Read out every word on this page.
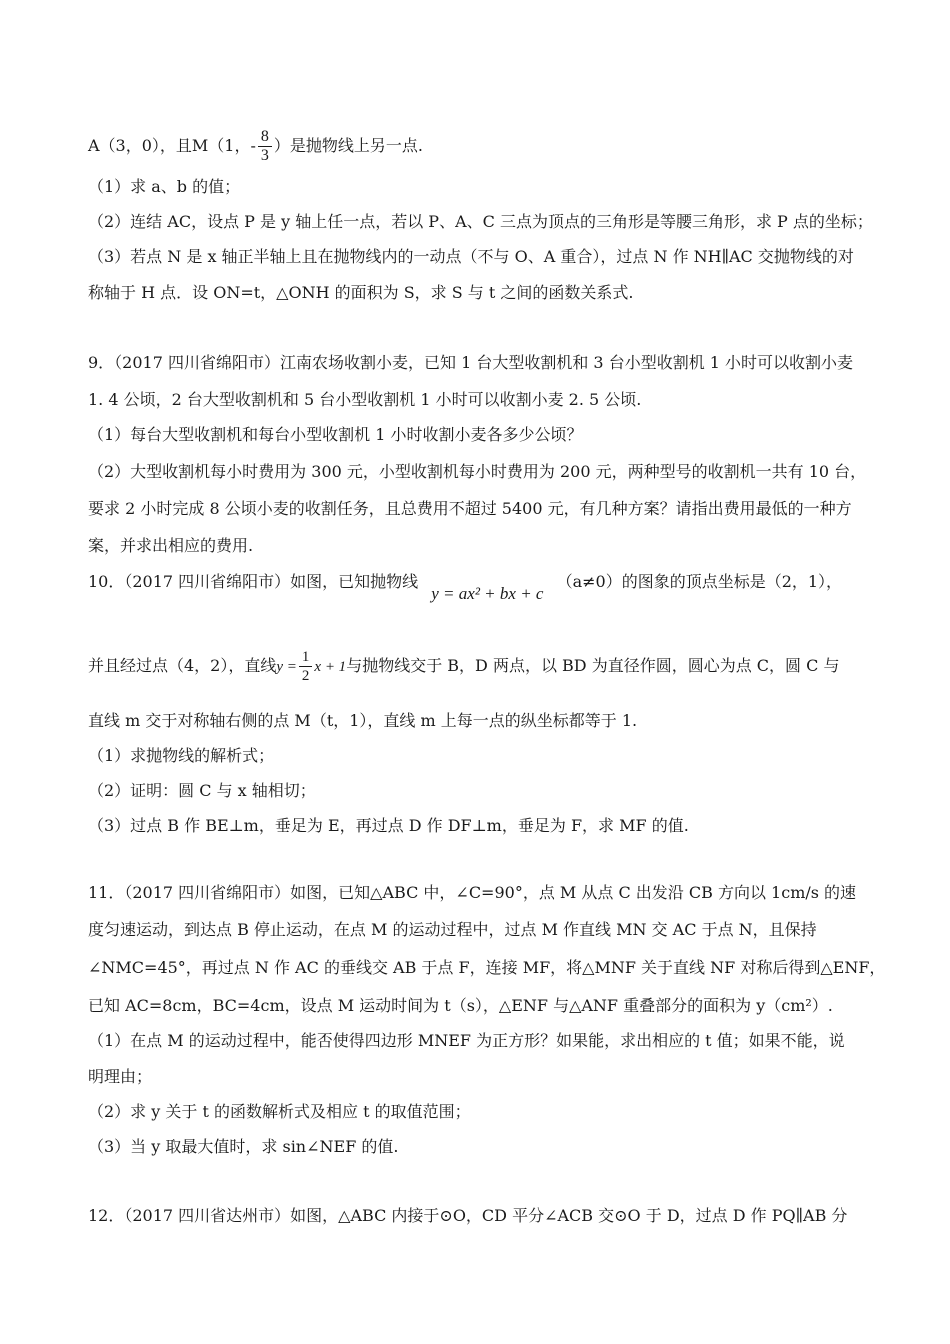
A（3，0），且M（1，- $\frac{8}{3}$ ）是抛物线上另一点.
（1）求 a、b 的值；
（2）连结 AC，设点 P 是 y 轴上任一点，若以 P、A、C 三点为顶点的三角形是等腰三角形，求 P 点的坐标；
（3）若点 N 是 x 轴正半轴上且在抛物线内的一动点（不与 O、A 重合），过点 N 作 NH∥AC 交抛物线的对
称轴于 H 点．设 ON=t，△ONH 的面积为 S，求 S 与 t 之间的函数关系式.
9．（2017 四川省绵阳市）江南农场收割小麦，已知 1 台大型收割机和 3 台小型收割机 1 小时可以收割小麦
1. 4 公顷，2 台大型收割机和 5 台小型收割机 1 小时可以收割小麦 2. 5 公顷.
（1）每台大型收割机和每台小型收割机 1 小时收割小麦各多少公顷？
（2）大型收割机每小时费用为 300 元，小型收割机每小时费用为 200 元，两种型号的收割机一共有 10 台，
要求 2 小时完成 8 公顷小麦的收割任务，且总费用不超过 5400 元，有几种方案？请指出费用最低的一种方
案，并求出相应的费用.
10．（2017 四川省绵阳市）如图，已知抛物线 y = ax² + bx + c （a≠0）的图象的顶点坐标是（2，1），
并且经过点（4，2），直线$y = \frac{1}{2}$ x + 1与抛物线交于 B，D 两点，以 BD 为直径作圆，圆心为点 C，圆 C 与
直线 m 交于对称轴右侧的点 M（t，1），直线 m 上每一点的纵坐标都等于 1.
（1）求抛物线的解析式；
（2）证明：圆 C 与 x 轴相切；
（3）过点 B 作 BE⊥m，垂足为 E，再过点 D 作 DF⊥m，垂足为 F，求 MF 的值.
11．（2017 四川省绵阳市）如图，已知△ABC 中，∠C=90°，点 M 从点 C 出发沿 CB 方向以 1cm/s 的速
度匀速运动，到达点 B 停止运动，在点 M 的运动过程中，过点 M 作直线 MN 交 AC 于点 N，且保持
∠NMC=45°，再过点 N 作 AC 的垂线交 AB 于点 F，连接 MF，将△MNF 关于直线 NF 对称后得到△ENF，
已知 AC=8cm，BC=4cm，设点 M 运动时间为 t（s），△ENF 与△ANF 重叠部分的面积为 y（cm²）.
（1）在点 M 的运动过程中，能否使得四边形 MNEF 为正方形？如果能，求出相应的 t 值；如果不能，说
明理由；
（2）求 y 关于 t 的函数解析式及相应 t 的取值范围；
（3）当 y 取最大值时，求 sin∠NEF 的值.
12．（2017 四川省达州市）如图，△ABC 内接于⊙O，CD 平分∠ACB 交⊙O 于 D，过点 D 作 PQ∥AB 分
